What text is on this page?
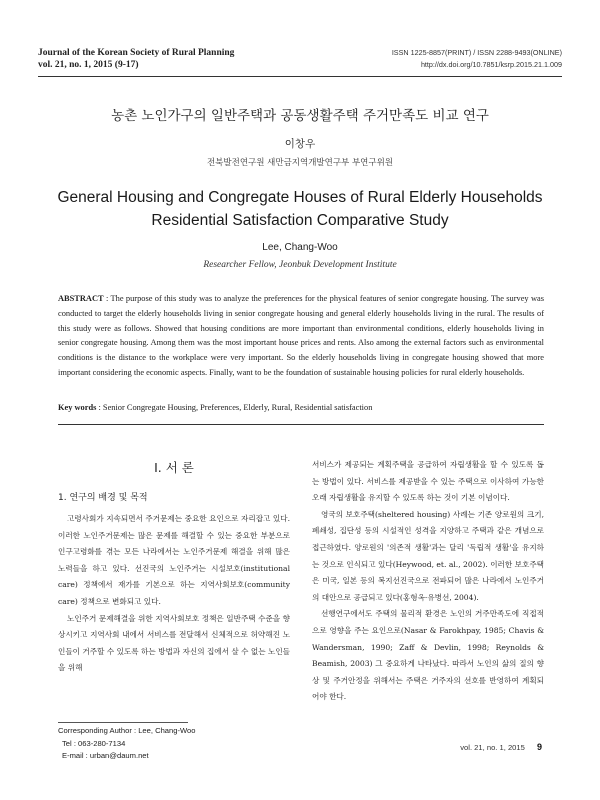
Journal of the Korean Society of Rural Planning
vol. 21, no. 1, 2015 (9-17)
ISSN 1225-8857(PRINT) / ISSN 2288-9493(ONLINE)
http://dx.doi.org/10.7851/ksrp.2015.21.1.009
농촌 노인가구의 일반주택과 공동생활주택 주거만족도 비교 연구
이창우
전북발전연구원 새만금지역개발연구부 부연구위원
General Housing and Congregate Houses of Rural Elderly Households
Residential Satisfaction Comparative Study
Lee, Chang-Woo
Researcher Fellow, Jeonbuk Development Institute
ABSTRACT : The purpose of this study was to analyze the preferences for the physical features of senior congregate housing. The survey was conducted to target the elderly households living in senior congregate housing and general elderly households living in the rural. The results of this study were as follows. Showed that housing conditions are more important than environmental conditions, elderly households living in senior congregate housing. Among them was the most important house prices and rents. Also among the external factors such as environmental conditions is the distance to the workplace were very important. So the elderly households living in congregate housing showed that more important considering the economic aspects. Finally, want to be the foundation of sustainable housing policies for rural elderly households.
Key words : Senior Congregate Housing, Preferences, Elderly, Rural, Residential satisfaction
Ⅰ. 서 론
1. 연구의 배경 및 목적

고령사회가 지속되면서 주거문제는 중요한 요인으로 자리잡고 있다. 이러한 노인주거문제는 많은 문제를 해결할 수 있는 중요한 부분으로 인구고령화를 겪는 모든 나라에서는 노인주거문제 해결을 위해 많은 노력들을 하고 있다. 선진국의 노인주거는 시설보호(institutional care) 정책에서 재가를 기본으로 하는 지역사회보호(community care) 정책으로 변화되고 있다.

노인주거 문제해결을 위한 지역사회보호 정책은 일반주택 수준을 향상시키고 지역사회 내에서 서비스를 전달해서 신체적으로 허약해진 노인들이 거주할 수 있도록 하는 방법과 자신의 집에서 살 수 없는 노인들을 위해

서비스가 제공되는 계획주택을 공급하여 자립생활을 할 수 있도록 돕는 방법이 있다. 서비스를 제공받을 수 있는 주택으로 이사하여 가능한 오래 자립생활을 유지할 수 있도록 하는 것이 기본 이념이다.

영국의 보호주택(sheltered housing) 사례는 기존 양로원의 크기, 폐쇄성, 집단성 등의 시설적인 성격을 지양하고 주택과 같은 개념으로 접근하였다. 양로원의 '의존적 생활'과는 달리 '독립적 생활'을 유지하는 것으로 인식되고 있다(Heywood, et. al., 2002). 이러한 보호주택은 미국, 일본 등의 복지선진국으로 전파되어 많은 나라에서 노인주거의 대안으로 공급되고 있다(홍형옥·유병선, 2004).

선행연구에서도 주택의 물리적 환경은 노인의 거주만족도에 직접적으로 영향을 주는 요인으로(Nasar & Farokhpay, 1985; Chavis & Wandersman, 1990; Zaff & Devlin, 1998; Reynolds & Beamish, 2003) 그 중요하게 나타났다. 따라서 노인의 삶의 질의 향상 및 주거안정을 위해서는 주택은 거주자의 선호를 반영하여 계획되어야 한다.

Corresponding Author : Lee, Chang-Woo
Tel : 063-280-7134
E-mail : urban@daum.net
vol. 21, no. 1, 2015 9
